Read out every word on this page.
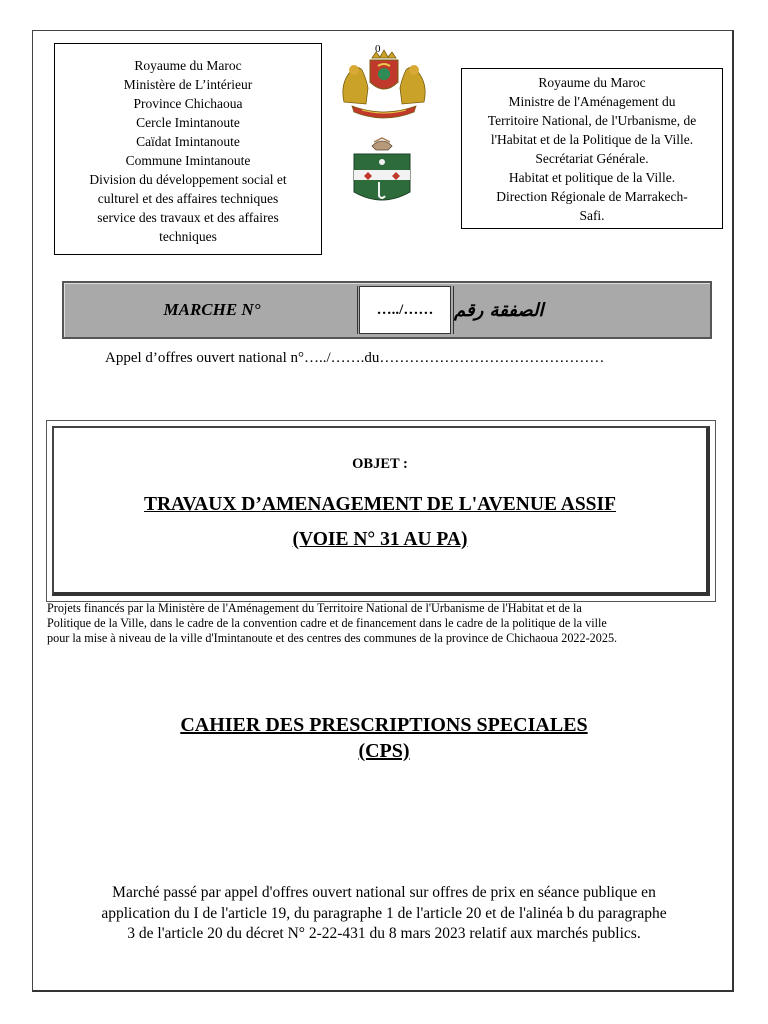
Royaume du Maroc
Ministère de L’intérieur
Province Chichaoua
Cercle Imintanoute
Caïdat Imintanoute
Commune Imintanoute
Division du développement social et
culturel et des affaires techniques
service des travaux et des affaires
techniques
0
Royaume du Maroc
Ministre de l'Aménagement du
Territoire National, de l'Urbanisme, de
l'Habitat et de la Politique de la Ville.
Secrétariat Générale.
Habitat et politique de la Ville.
Direction Régionale de Marrakech-
Safi.
MARCHE N°	…../……	الصفقة رقم
Appel d’offres ouvert national n°…../…….du………………………………………
OBJET :
TRAVAUX D’AMENAGEMENT DE L'AVENUE ASSIF
(VOIE N° 31 AU PA)
Projets financés par la Ministère de l'Aménagement du Territoire National de l'Urbanisme de l'Habitat et de la
Politique de la Ville, dans le cadre de la convention cadre et de financement dans le cadre de la politique de la ville
pour la mise à niveau de la ville d'Imintanoute et des centres des communes de la province de Chichaoua 2022-2025.
CAHIER DES PRESCRIPTIONS SPECIALES
(CPS)
Marché passé par appel d'offres ouvert national sur offres de prix en séance publique en
application du I de l'article 19, du paragraphe 1 de l'article 20 et de l'alinéa b du paragraphe
3 de l'article 20 du décret N° 2-22-431 du 8 mars 2023 relatif aux marchés publics.
